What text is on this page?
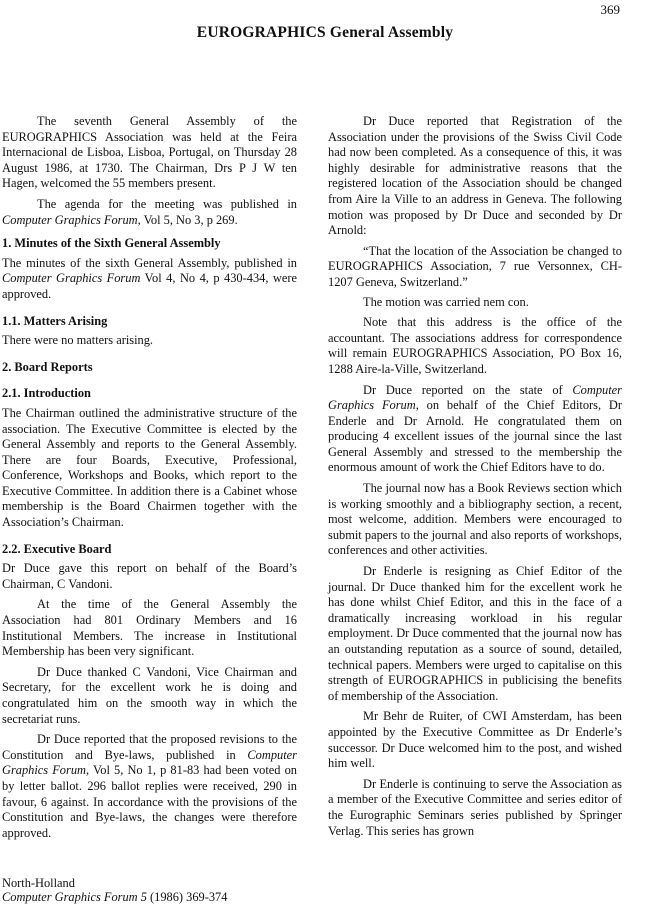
369
EUROGRAPHICS General Assembly

The seventh General Assembly of the EUROGRAPHICS Association was held at the Feira Internacional de Lisboa, Lisboa, Portugal, on Thursday 28 August 1986, at 1730. The Chairman, Drs P J W ten Hagen, welcomed the 55 members present.

The agenda for the meeting was published in Computer Graphics Forum, Vol 5, No 3, p 269.

1. Minutes of the Sixth General Assembly

The minutes of the sixth General Assembly, published in Computer Graphics Forum Vol 4, No 4, p 430-434, were approved.

1.1. Matters Arising

There were no matters arising.

2. Board Reports
2.1. Introduction

The Chairman outlined the administrative structure of the association. The Executive Committee is elected by the General Assembly and reports to the General Assembly. There are four Boards, Executive, Professional, Conference, Workshops and Books, which report to the Executive Committee. In addition there is a Cabinet whose membership is the Board Chairmen together with the Association’s Chairman.

2.2. Executive Board

Dr Duce gave this report on behalf of the Board’s Chairman, C Vandoni.

At the time of the General Assembly the Association had 801 Ordinary Members and 16 Institutional Members. The increase in Institutional Membership has been very significant.

Dr Duce thanked C Vandoni, Vice Chairman and Secretary, for the excellent work he is doing and congratulated him on the smooth way in which the secretariat runs.

Dr Duce reported that the proposed revisions to the Constitution and Bye-laws, published in Computer Graphics Forum, Vol 5, No 1, p 81-83 had been voted on by letter ballot. 296 ballot replies were received, 290 in favour, 6 against. In accordance with the provisions of the Constitution and Bye-laws, the changes were therefore approved.

Dr Duce reported that Registration of the Association under the provisions of the Swiss Civil Code had now been completed. As a consequence of this, it was highly desirable for administrative reasons that the registered location of the Association should be changed from Aire la Ville to an address in Geneva. The following motion was proposed by Dr Duce and seconded by Dr Arnold:

“That the location of the Association be changed to EUROGRAPHICS Association, 7 rue Versonnex, CH-1207 Geneva, Switzerland.”

The motion was carried nem con.

Note that this address is the office of the accountant. The associations address for correspondence will remain EUROGRAPHICS Association, PO Box 16, 1288 Aire-la-Ville, Switzerland.

Dr Duce reported on the state of Computer Graphics Forum, on behalf of the Chief Editors, Dr Enderle and Dr Arnold. He congratulated them on producing 4 excellent issues of the journal since the last General Assembly and stressed to the membership the enormous amount of work the Chief Editors have to do.

The journal now has a Book Reviews section which is working smoothly and a bibliography section, a recent, most welcome, addition. Members were encouraged to submit papers to the journal and also reports of workshops, conferences and other activities.

Dr Enderle is resigning as Chief Editor of the journal. Dr Duce thanked him for the excellent work he has done whilst Chief Editor, and this in the face of a dramatically increasing workload in his regular employment. Dr Duce commented that the journal now has an outstanding reputation as a source of sound, detailed, technical papers. Members were urged to capitalise on this strength of EUROGRAPHICS in publicising the benefits of membership of the Association.

Mr Behr de Ruiter, of CWI Amsterdam, has been appointed by the Executive Committee as Dr Enderle’s successor. Dr Duce welcomed him to the post, and wished him well.

Dr Enderle is continuing to serve the Association as a member of the Executive Committee and series editor of the Eurographic Seminars series published by Springer Verlag. This series has grown

North-Holland
Computer Graphics Forum 5 (1986) 369-374
